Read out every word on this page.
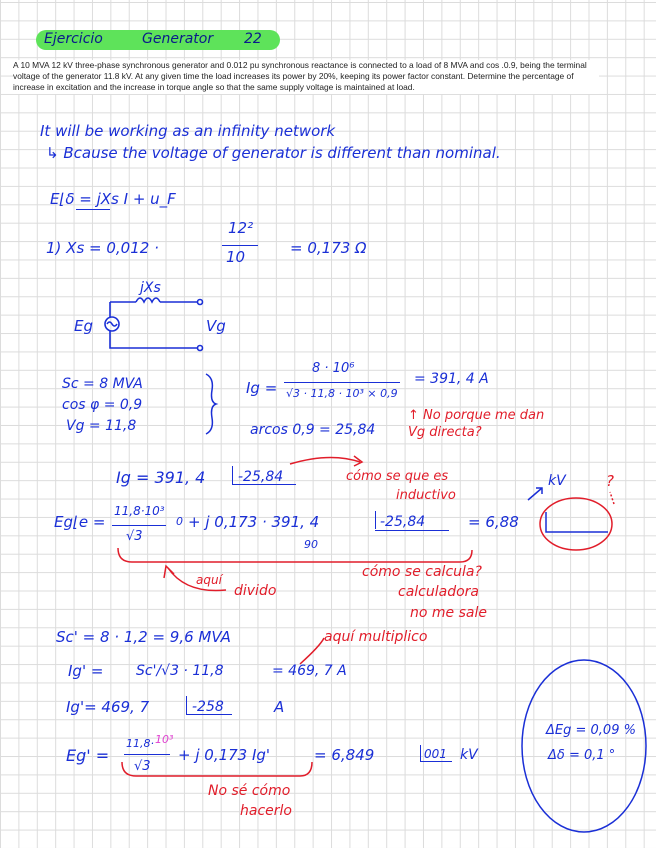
Ejercicio	Generator 22
A 10 MVA 12 kV three-phase synchronous generator and 0.012 pu synchronous reactance is connected to a load of 8 MVA and cos .0.9, being the terminal voltage of the generator 11.8 kV. At any given time the load increases its power by 20%, keeping its power factor constant. Determine the percentage of increase in excitation and the increase in torque angle so that the same supply voltage is maintained at load.
It will be working as an infinity network
↳ Bcause the voltage of generator is different than nominal.
E⌊δ = jXs I + u_F
1) Xs = 0,012 ·
12²
10	= 0,173 Ω
jXs
Eg	Vg
Sc = 8 MVA
cos φ = 0,9
Vg = 11,8
Ig =
8 · 10⁶
√3 · 11,8 · 10³ × 0,9
= 391, 4 A
arcos 0,9 = 25,84
↑ No porque me dan Vg directa?
Ig = 391, 4 -25,84	cómo se que es
inductivo
kV	?
Eg⌊e =
11,8·10³
√3
0 + j 0,173 · 391, 4	-25,84
90
= 6,88
cómo se calcula?
calculadora
no me sale
aquí
divido
Sc' = 8 · 1,2 = 9,6 MVA	aquí multiplico
Ig' = Sc'/√3 · 11,8	= 469, 7 A
Ig'= 469, 7	-258	A
Eg' =
11,8· 10³
√3
+ j 0,173 Ig'	= 6,849	001 kV
No sé cómo
hacerlo
ΔEg = 0,09 %
Δδ = 0,1 °
